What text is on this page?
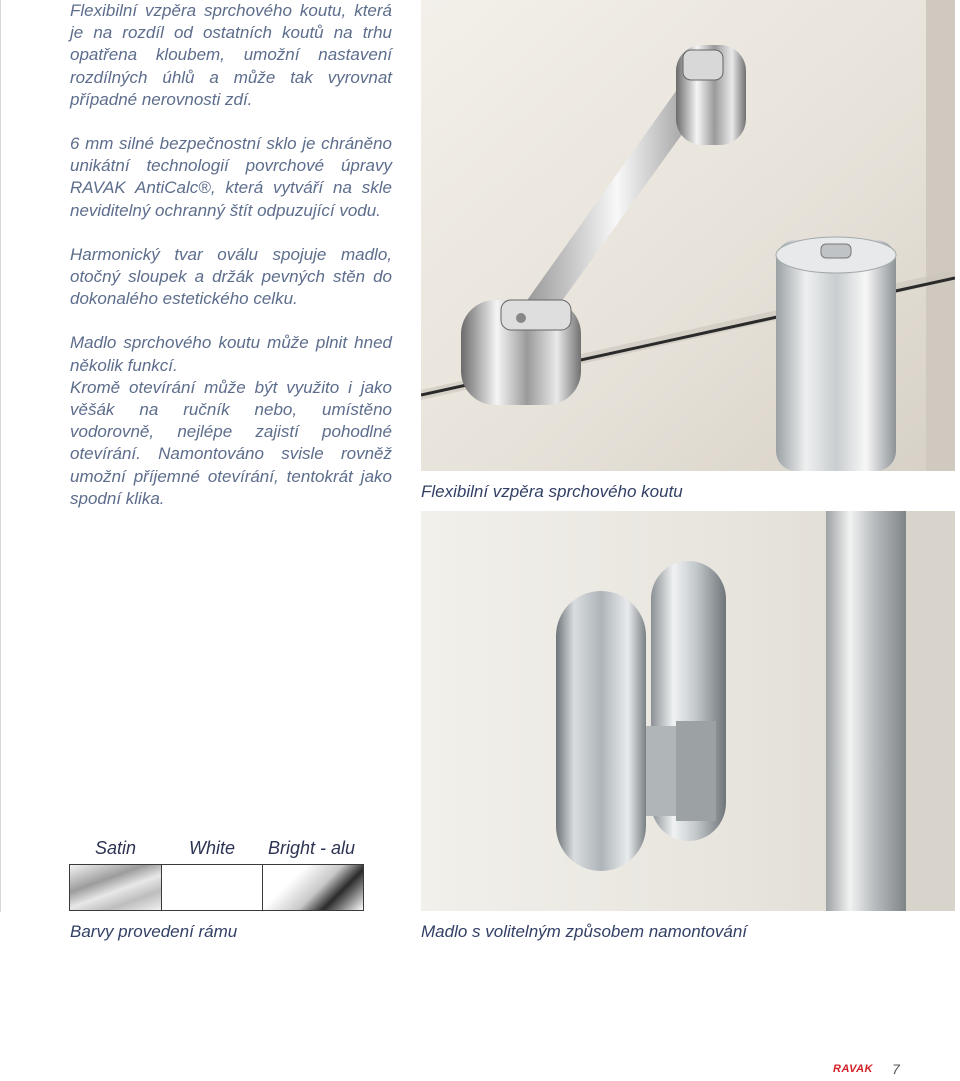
Flexibilní vzpěra sprchového koutu, která je na rozdíl od ostatních koutů na trhu opatřena kloubem, umožní nastavení rozdílných úhlů a může tak vyrovnat případné nerovnosti zdí.

6 mm silné bezpečnostní sklo je chráněno unikátní technologií povrchové úpravy RAVAK AntiCalc®, která vytváří na skle neviditelný ochranný štít odpuzující vodu.

Harmonický tvar oválu spojuje madlo, otočný sloupek a držák pevných stěn do dokonalého estetického celku.

Madlo sprchového koutu může plnit hned několik funkcí.

Kromě otevírání může být využito i jako věšák na ručník nebo, umístěno vodorovně, nejlépe zajistí pohodlné otevírání. Namontováno svisle rovněž umožní příjemné otevírání, tentokrát jako spodní klika.	Flexibilní vzpěra sprchového koutu
Madlo s volitelným způsobem namontování
Satin	White Bright - alu
Barvy provedení rámu
RAVAK 7
